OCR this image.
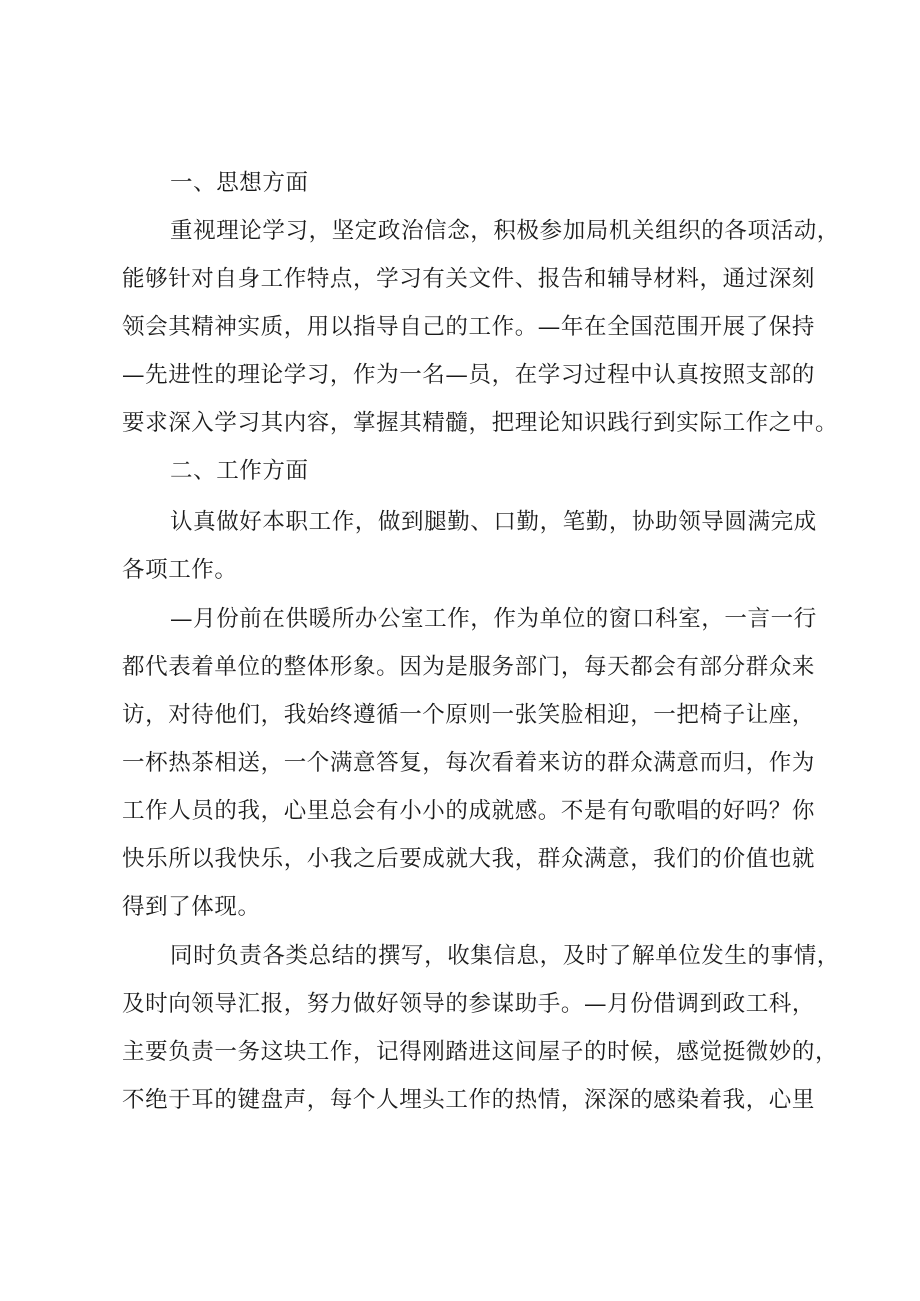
一、思想方面
重视理论学习，坚定政治信念，积极参加局机关组织的各项活动，
能够针对自身工作特点，学习有关文件、报告和辅导材料，通过深刻
领会其精神实质，用以指导自己的工作。—年在全国范围开展了保持
—先进性的理论学习，作为一名—员，在学习过程中认真按照支部的
要求深入学习其内容，掌握其精髓，把理论知识践行到实际工作之中。
二、工作方面
认真做好本职工作，做到腿勤、口勤，笔勤，协助领导圆满完成
各项工作。
—月份前在供暖所办公室工作，作为单位的窗口科室，一言一行
都代表着单位的整体形象。因为是服务部门，每天都会有部分群众来
访，对待他们，我始终遵循一个原则一张笑脸相迎，一把椅子让座，
一杯热茶相送，一个满意答复，每次看着来访的群众满意而归，作为
工作人员的我，心里总会有小小的成就感。不是有句歌唱的好吗？你
快乐所以我快乐，小我之后要成就大我，群众满意，我们的价值也就
得到了体现。
同时负责各类总结的撰写，收集信息，及时了解单位发生的事情，
及时向领导汇报，努力做好领导的参谋助手。—月份借调到政工科，
主要负责一务这块工作，记得刚踏进这间屋子的时候，感觉挺微妙的，
不绝于耳的键盘声，每个人埋头工作的热情，深深的感染着我，心里
